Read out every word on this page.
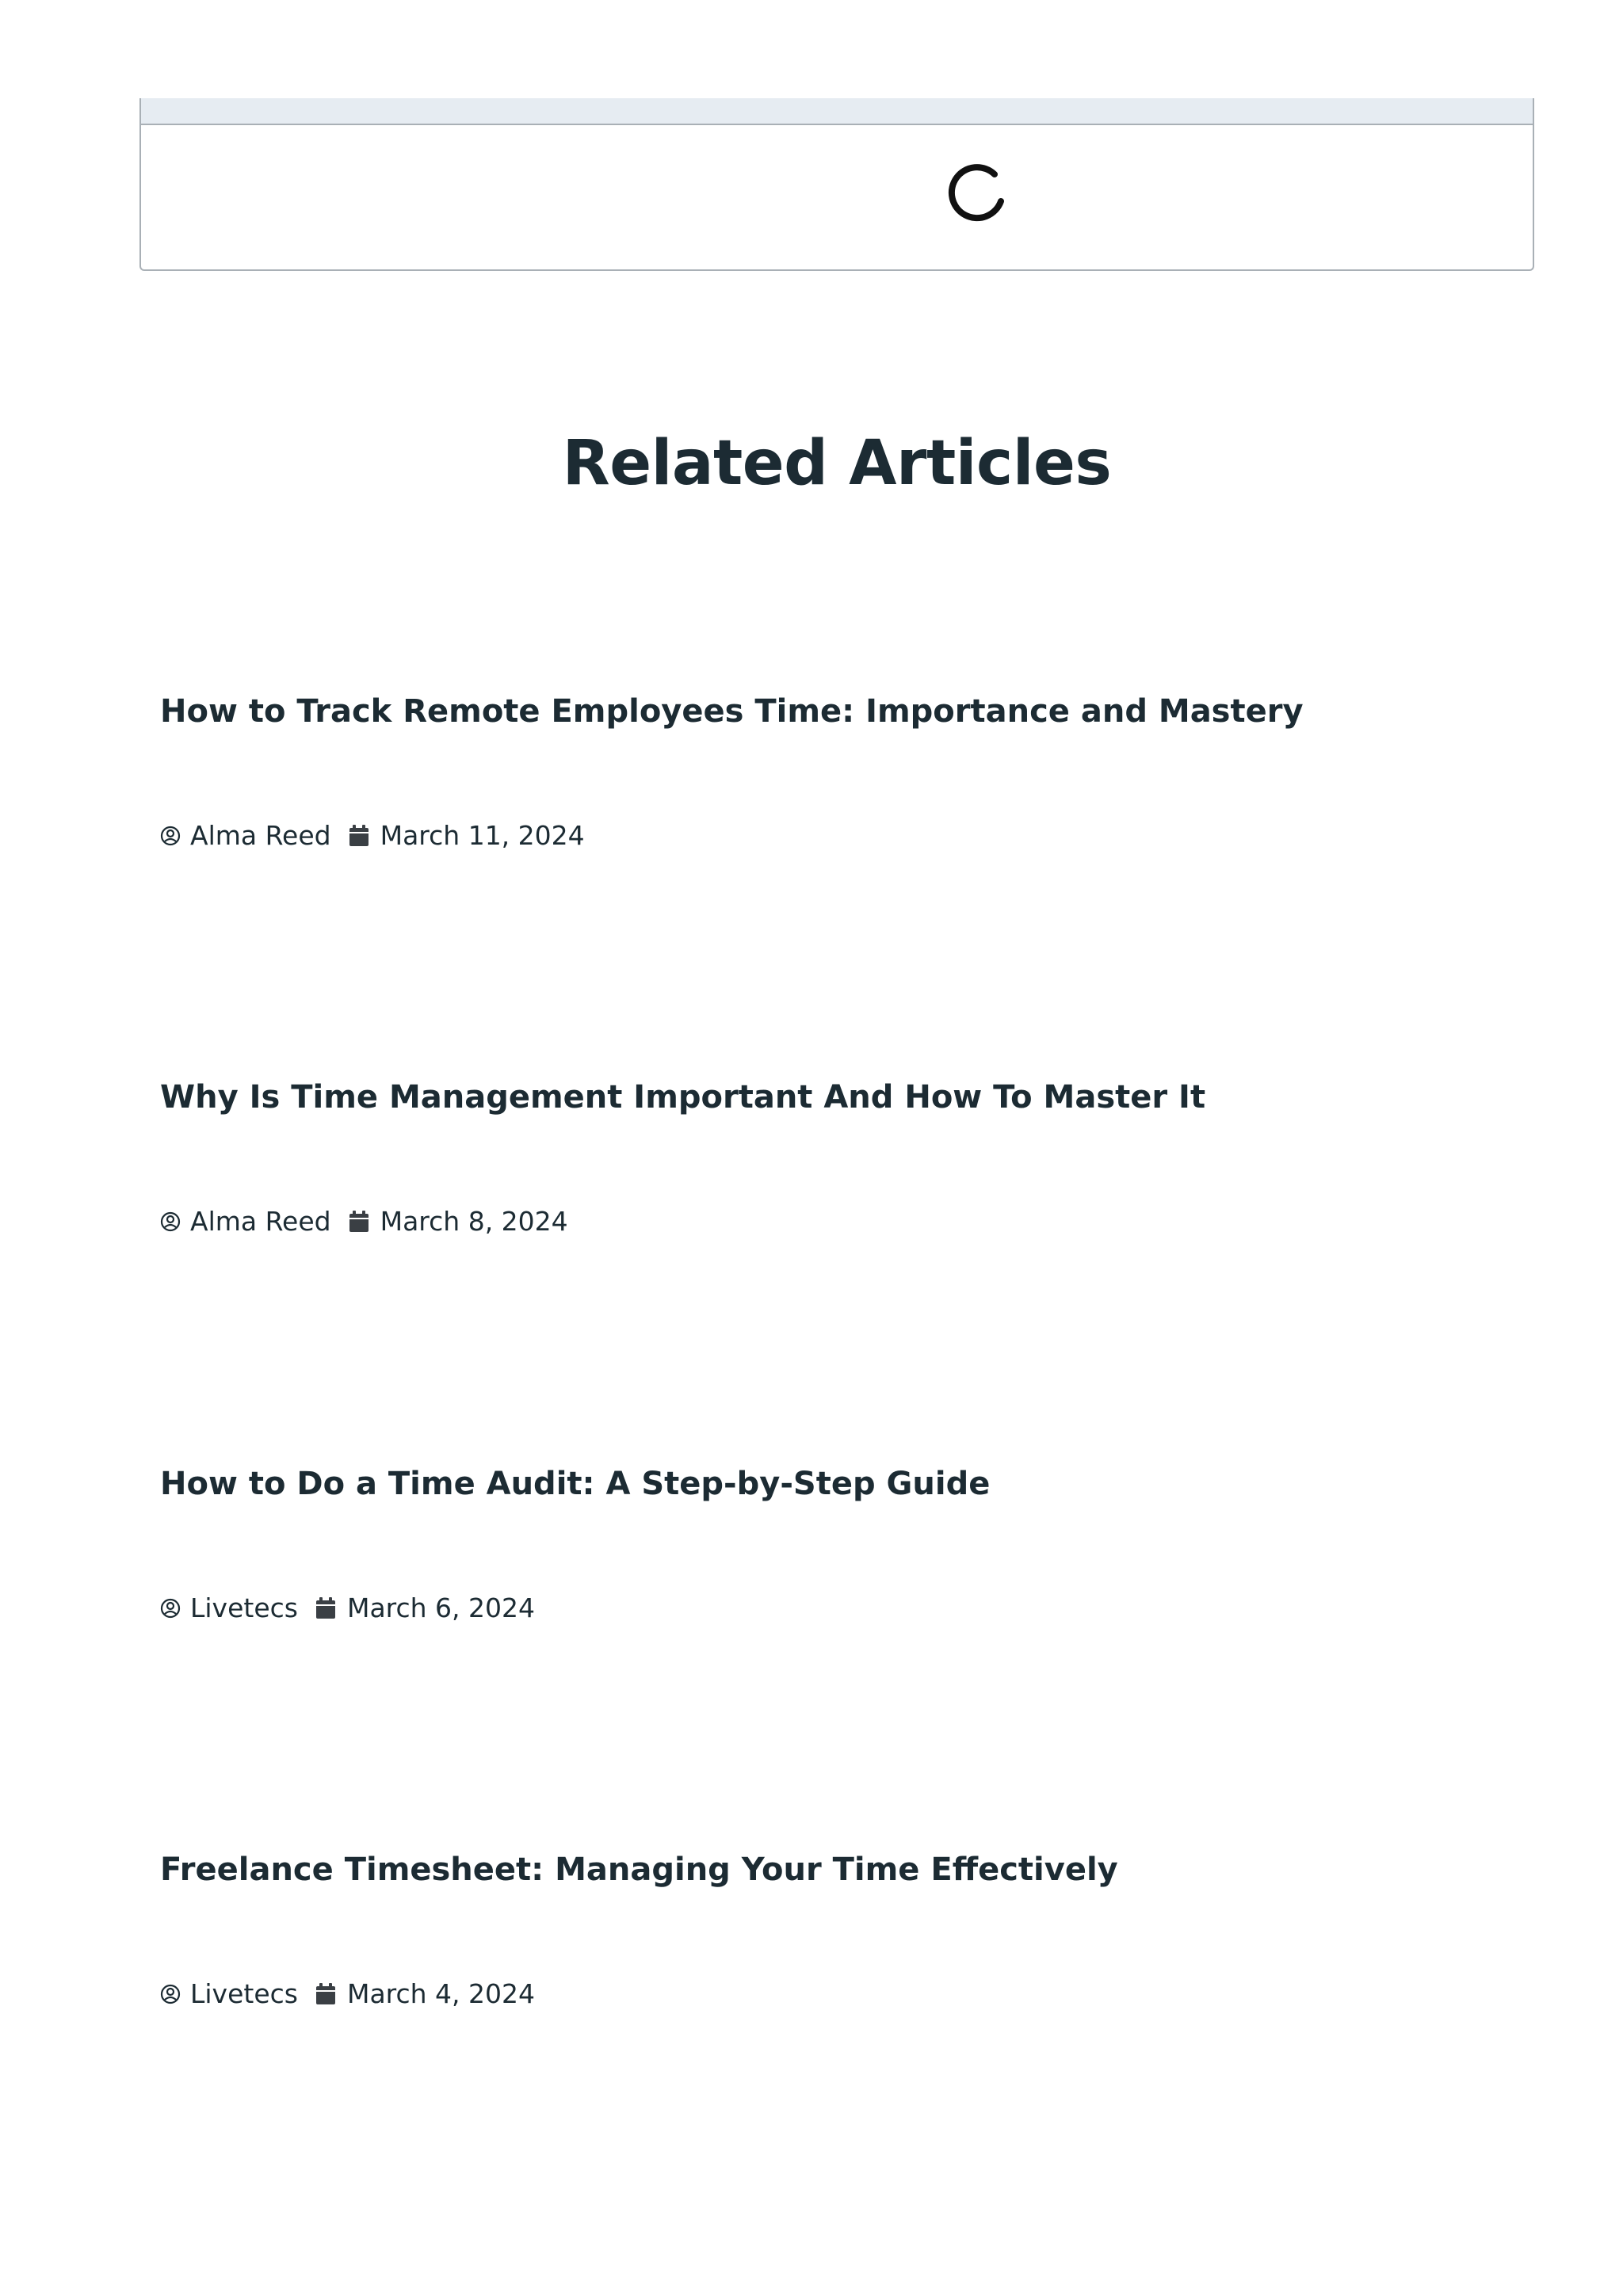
Related Articles
How to Track Remote Employees Time: Importance and Mastery
Alma Reed March 11, 2024
Why Is Time Management Important And How To Master It
Alma Reed March 8, 2024
How to Do a Time Audit: A Step-by-Step Guide
Livetecs March 6, 2024
Freelance Timesheet: Managing Your Time Effectively
Livetecs March 4, 2024
